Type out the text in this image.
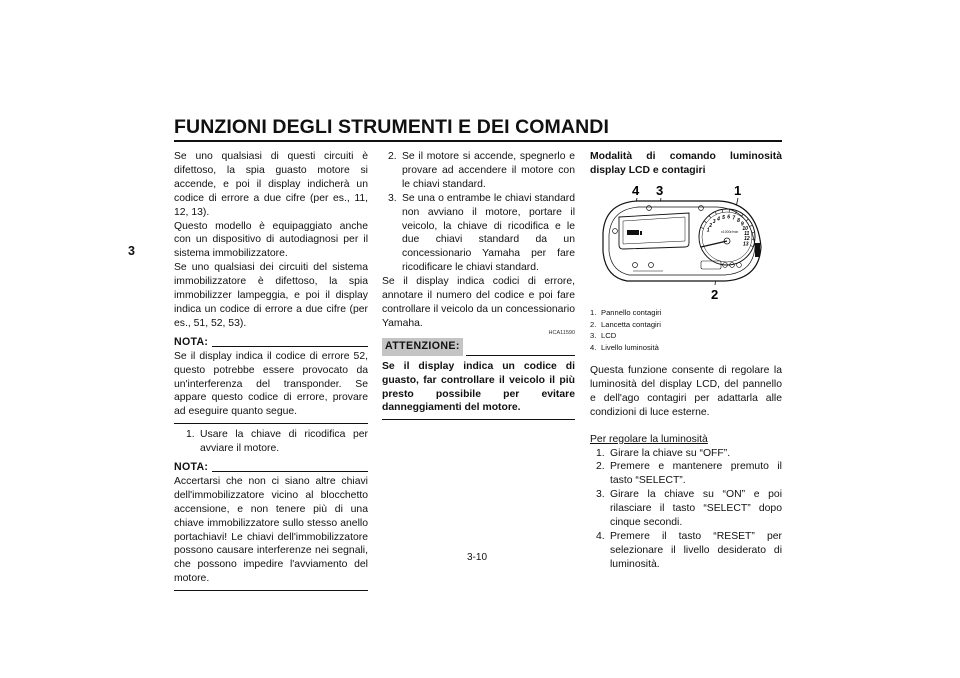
FUNZIONI DEGLI STRUMENTI E DEI COMANDI
3

Se uno qualsiasi di questi circuiti è difettoso, la spia guasto motore si accende, e poi il display indicherà un codice di errore a due cifre (per es., 11, 12, 13).

Questo modello è equipaggiato anche con un dispositivo di autodiagnosi per il sistema immobilizzatore.

Se uno qualsiasi dei circuiti del sistema immobilizzatore è difettoso, la spia immobilizzer lampeggia, e poi il display indica un codice di errore a due cifre (per es., 51, 52, 53).

NOTA:

Se il display indica il codice di errore 52, questo potrebbe essere provocato da un'interferenza del transponder. Se appare questo codice di errore, provare ad eseguire quanto segue.

1. Usare la chiave di ricodifica per avviare il motore.
NOTA:

Accertarsi che non ci siano altre chiavi dell'immobilizzatore vicino al blocchetto accensione, e non tenere più di una chiave immobilizzatore sullo stesso anello portachiavi! Le chiavi dell'immobilizzatore possono causare interferenze nei segnali, che possono impedire l'avviamento del motore.

2. Se il motore si accende, spegnerlo e provare ad accendere il motore con le chiavi standard.
3. Se una o entrambe le chiavi standard non avviano il motore, portare il veicolo, la chiave di ricodifica e le due chiavi standard da un concessionario Yamaha per fare ricodificare le chiavi standard.

Se il display indica codici di errore, annotare il numero del codice e poi fare controllare il veicolo da un concessionario Yamaha.

HCA11590
ATTENZIONE:

Se il display indica un codice di guasto, far controllare il veicolo il più presto possibile per evitare danneggiamenti del motore.

Modalità di comando luminosità display LCD e contagiri

4 3	1
2
1
2
3 4 5 6 7 8
9
10
11
12
13
x1000r/min
1. Pannello contagiri
2. Lancetta contagiri
3. LCD
4. Livello luminosità

Questa funzione consente di regolare la luminosità del display LCD, del pannello e dell'ago contagiri per adattarla alle condizioni di luce esterne.

Per regolare la luminosità

1. Girare la chiave su “OFF”.
2. Premere e mantenere premuto il tasto “SELECT”.
3. Girare la chiave su “ON” e poi rilasciare il tasto “SELECT” dopo cinque secondi.
4. Premere il tasto “RESET” per selezionare il livello desiderato di luminosità.
3-10
